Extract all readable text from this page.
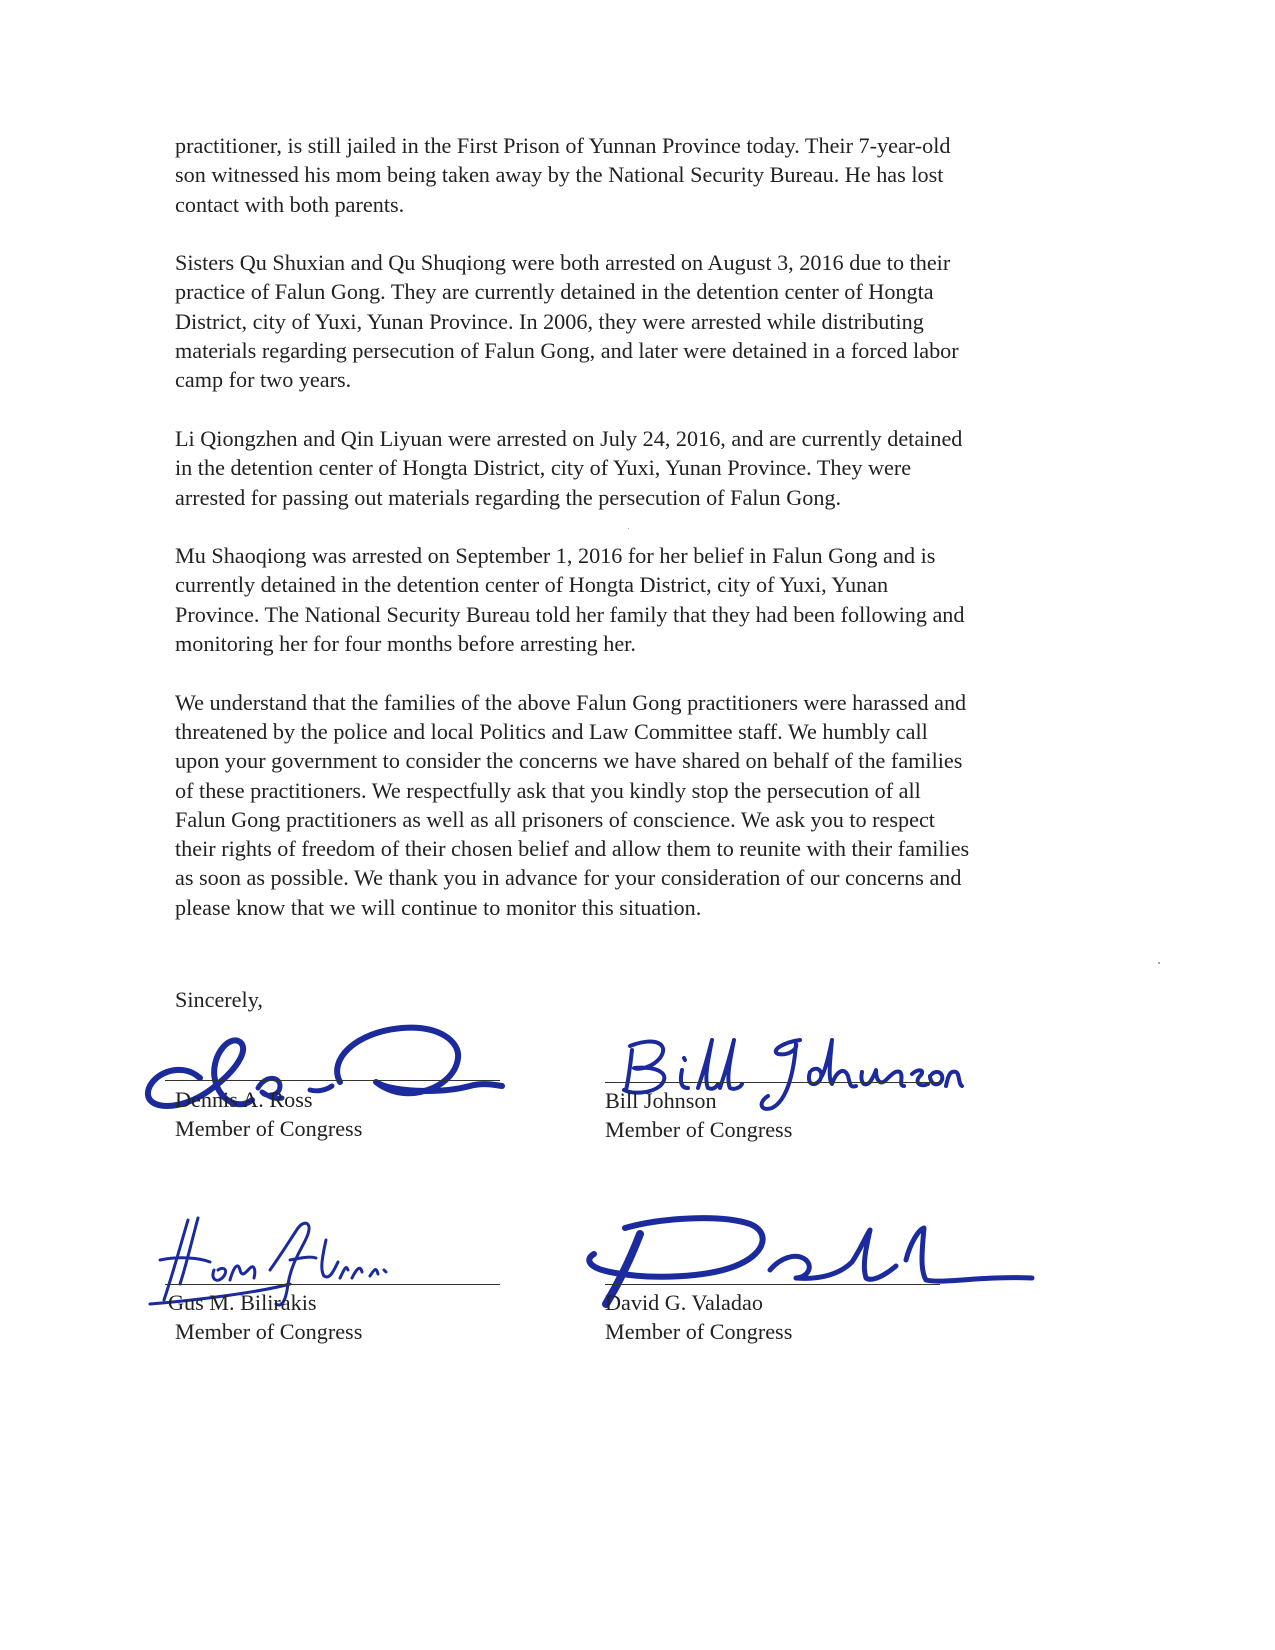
practitioner, is still jailed in the First Prison of Yunnan Province today. Their 7-year-old
son witnessed his mom being taken away by the National Security Bureau. He has lost
contact with both parents.

Sisters Qu Shuxian and Qu Shuqiong were both arrested on August 3, 2016 due to their
practice of Falun Gong. They are currently detained in the detention center of Hongta
District, city of Yuxi, Yunan Province. In 2006, they were arrested while distributing
materials regarding persecution of Falun Gong, and later were detained in a forced labor
camp for two years.

Li Qiongzhen and Qin Liyuan were arrested on July 24, 2016, and are currently detained
in the detention center of Hongta District, city of Yuxi, Yunan Province. They were
arrested for passing out materials regarding the persecution of Falun Gong.

Mu Shaoqiong was arrested on September 1, 2016 for her belief in Falun Gong and is
currently detained in the detention center of Hongta District, city of Yuxi, Yunan
Province. The National Security Bureau told her family that they had been following and
monitoring her for four months before arresting her.

We understand that the families of the above Falun Gong practitioners were harassed and
threatened by the police and local Politics and Law Committee staff. We humbly call
upon your government to consider the concerns we have shared on behalf of the families
of these practitioners. We respectfully ask that you kindly stop the persecution of all
Falun Gong practitioners as well as all prisoners of conscience. We ask you to respect
their rights of freedom of their chosen belief and allow them to reunite with their families
as soon as possible. We thank you in advance for your consideration of our concerns and
please know that we will continue to monitor this situation.

Sincerely,
Dennis A. Ross
Member of Congress
Bill Johnson
Member of Congress
Gus M. Bilirakis
Member of Congress
David G. Valadao
Member of Congress
